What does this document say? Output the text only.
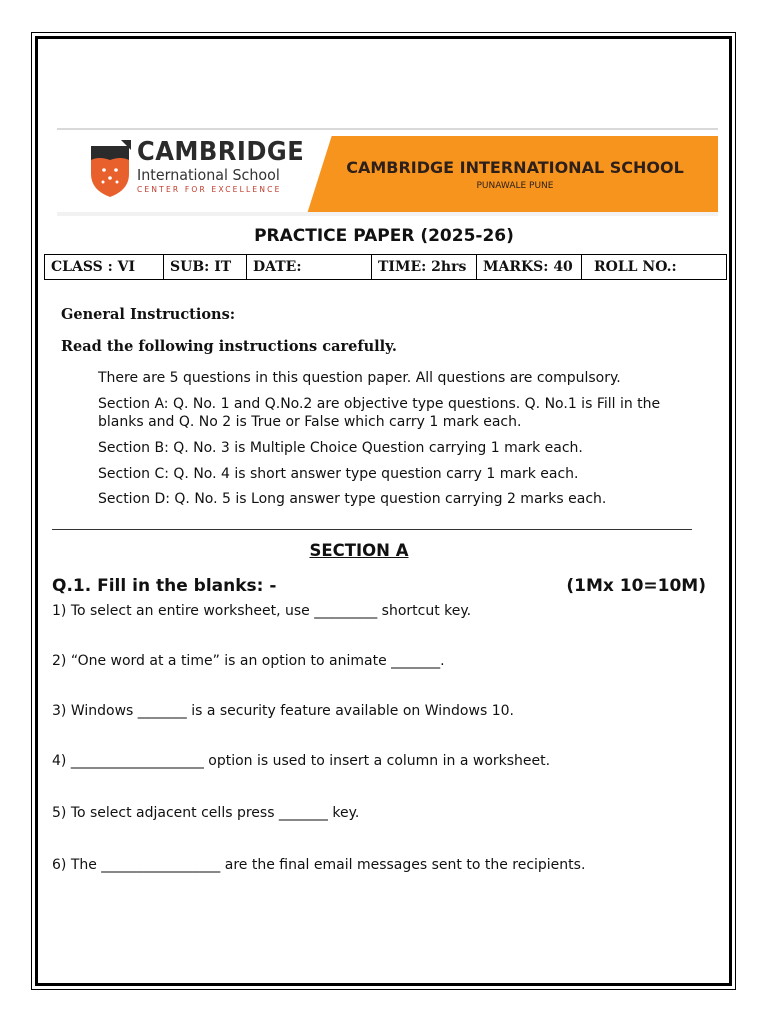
CAMBRIDGE
International School
CENTER FOR EXCELLENCE
CAMBRIDGE INTERNATIONAL SCHOOL
PUNAWALE PUNE
PRACTICE PAPER (2025-26)
CLASS : VI	SUB: IT	DATE:	TIME: 2hrs	MARKS: 40	ROLL NO.:
General Instructions:
Read the following instructions carefully.
There are 5 questions in this question paper. All questions are compulsory.
Section A: Q. No. 1 and Q.No.2 are objective type questions. Q. No.1 is Fill in the blanks and Q. No 2 is True or False which carry 1 mark each.
Section B: Q. No. 3 is Multiple Choice Question carrying 1 mark each.
Section C: Q. No. 4 is short answer type question carry 1 mark each.
Section D: Q. No. 5 is Long answer type question carrying 2 marks each.
SECTION A
Q.1. Fill in the blanks: -	(1Mx 10=10M)
1) To select an entire worksheet, use _________ shortcut key.
2) “One word at a time” is an option to animate _______.
3) Windows _______ is a security feature available on Windows 10.
4) ___________________ option is used to insert a column in a worksheet.
5) To select adjacent cells press _______ key.
6) The _________________ are the final email messages sent to the recipients.
